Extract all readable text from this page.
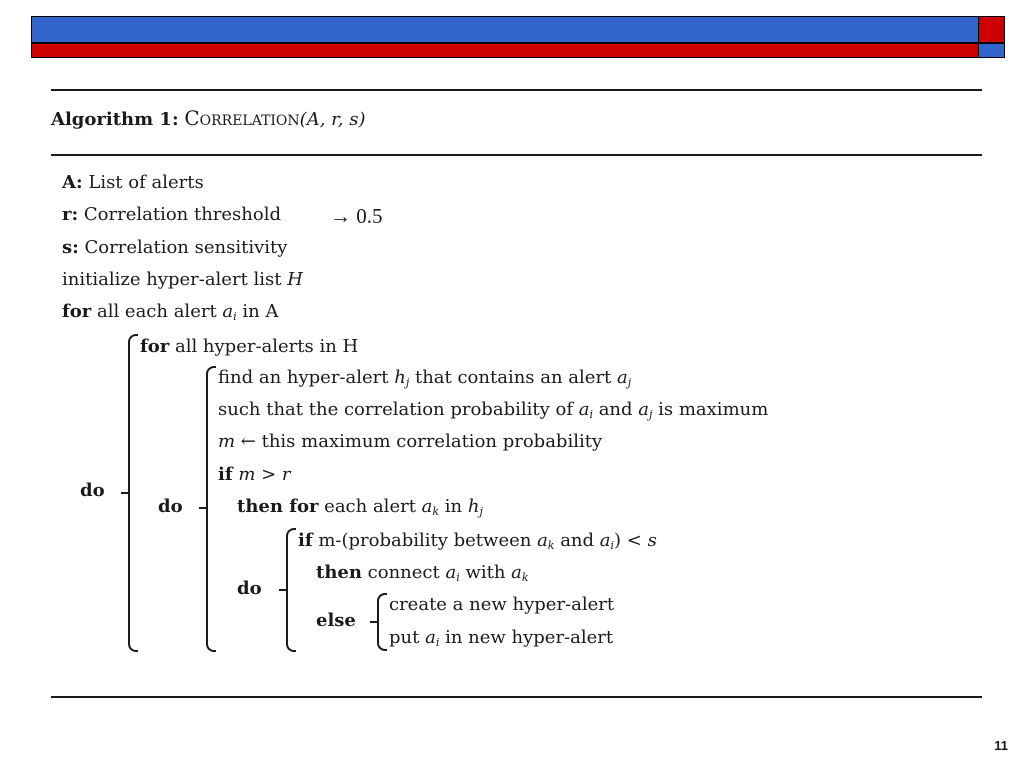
Algorithm 1: Correlation(A, r, s)
A: List of alerts
r: Correlation threshold → 0.5
s: Correlation sensitivity
initialize hyper-alert list H
for all each alert $a_i$ in A
do
for all hyper-alerts in H
do
find an hyper-alert $h_j$ that contains an alert $a_j$
such that the correlation probability of $a_i$ and $a_j$ is maximum
m ← this maximum correlation probability
if m > r
then for each alert $a_k$ in $h_j$
do
if m-(probability between $a_k$ and $a_i) < s$
then connect $a_i$ with $a_k$
else
create a new hyper-alert
put $a_i$ in new hyper-alert
11
